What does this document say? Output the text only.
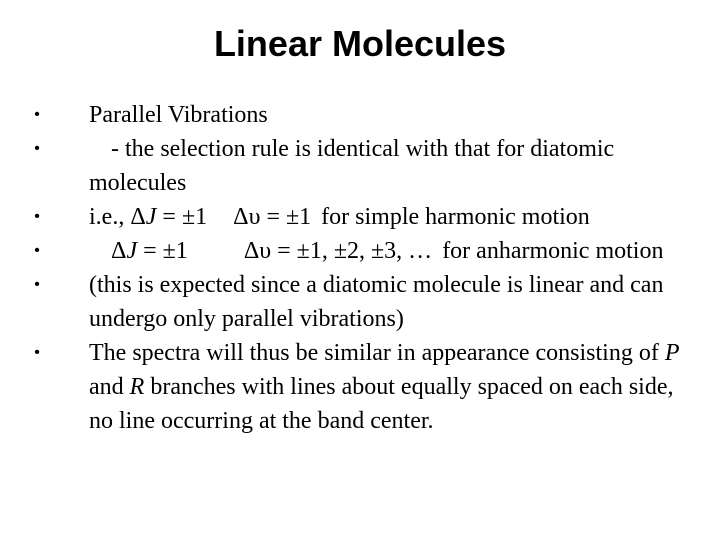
Linear Molecules
• Parallel Vibrations
•	- the selection rule is identical with that for diatomic molecules
• i.e., ΔJ = ±1 Δυ = ±1 for simple harmonic motion
•	ΔJ = ±1 Δυ = ±1, ±2, ±3, … for anharmonic motion
• (this is expected since a diatomic molecule is linear and can undergo only parallel vibrations)
• The spectra will thus be similar in appearance consisting of P and R branches with lines about equally spaced on each side, no line occurring at the band center.
